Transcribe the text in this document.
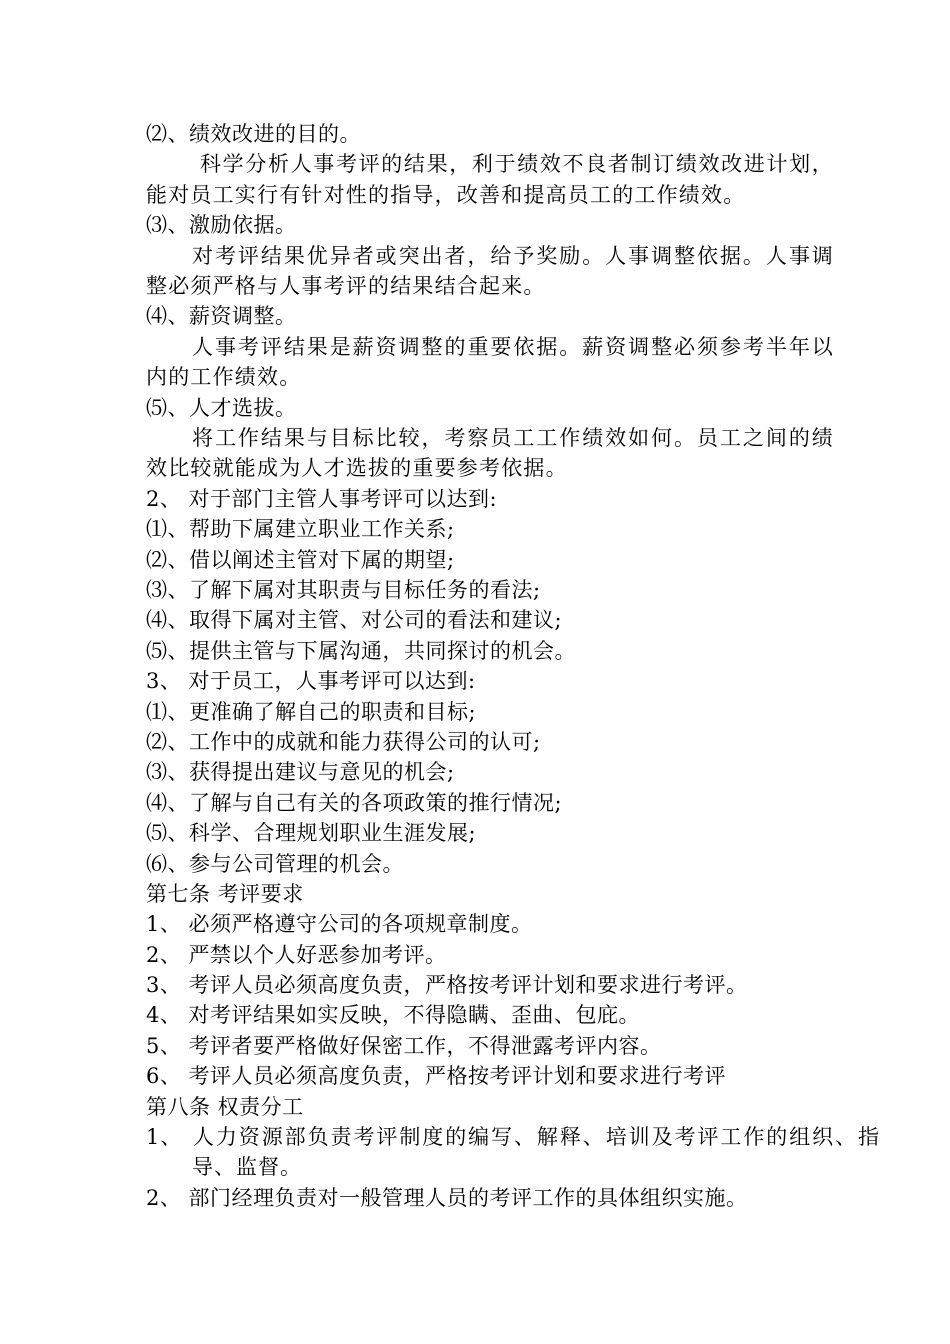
⑵、绩效改进的目的。
科学分析人事考评的结果，利于绩效不良者制订绩效改进计划，能对员工实行有针对性的指导，改善和提高员工的工作绩效。
⑶、激励依据。
对考评结果优异者或突出者，给予奖励。人事调整依据。人事调整必须严格与人事考评的结果结合起来。
⑷、薪资调整。
人事考评结果是薪资调整的重要依据。薪资调整必须参考半年以内的工作绩效。
⑸、人才选拔。
将工作结果与目标比较，考察员工工作绩效如何。员工之间的绩效比较就能成为人才选拔的重要参考依据。
2、 对于部门主管人事考评可以达到:
⑴、帮助下属建立职业工作关系;
⑵、借以阐述主管对下属的期望;
⑶、了解下属对其职责与目标任务的看法;
⑷、取得下属对主管、对公司的看法和建议;
⑸、提供主管与下属沟通，共同探讨的机会。
3、 对于员工，人事考评可以达到:
⑴、更准确了解自己的职责和目标;
⑵、工作中的成就和能力获得公司的认可;
⑶、获得提出建议与意见的机会;
⑷、了解与自己有关的各项政策的推行情况;
⑸、科学、合理规划职业生涯发展;
⑹、参与公司管理的机会。
第七条 考评要求
1、 必须严格遵守公司的各项规章制度。
2、 严禁以个人好恶参加考评。
3、 考评人员必须高度负责，严格按考评计划和要求进行考评。
4、 对考评结果如实反映，不得隐瞒、歪曲、包庇。
5、 考评者要严格做好保密工作，不得泄露考评内容。
6、 考评人员必须高度负责，严格按考评计划和要求进行考评
第八条 权责分工
1、 人力资源部负责考评制度的编写、解释、培训及考评工作的组织、指导、监督。
2、 部门经理负责对一般管理人员的考评工作的具体组织实施。
